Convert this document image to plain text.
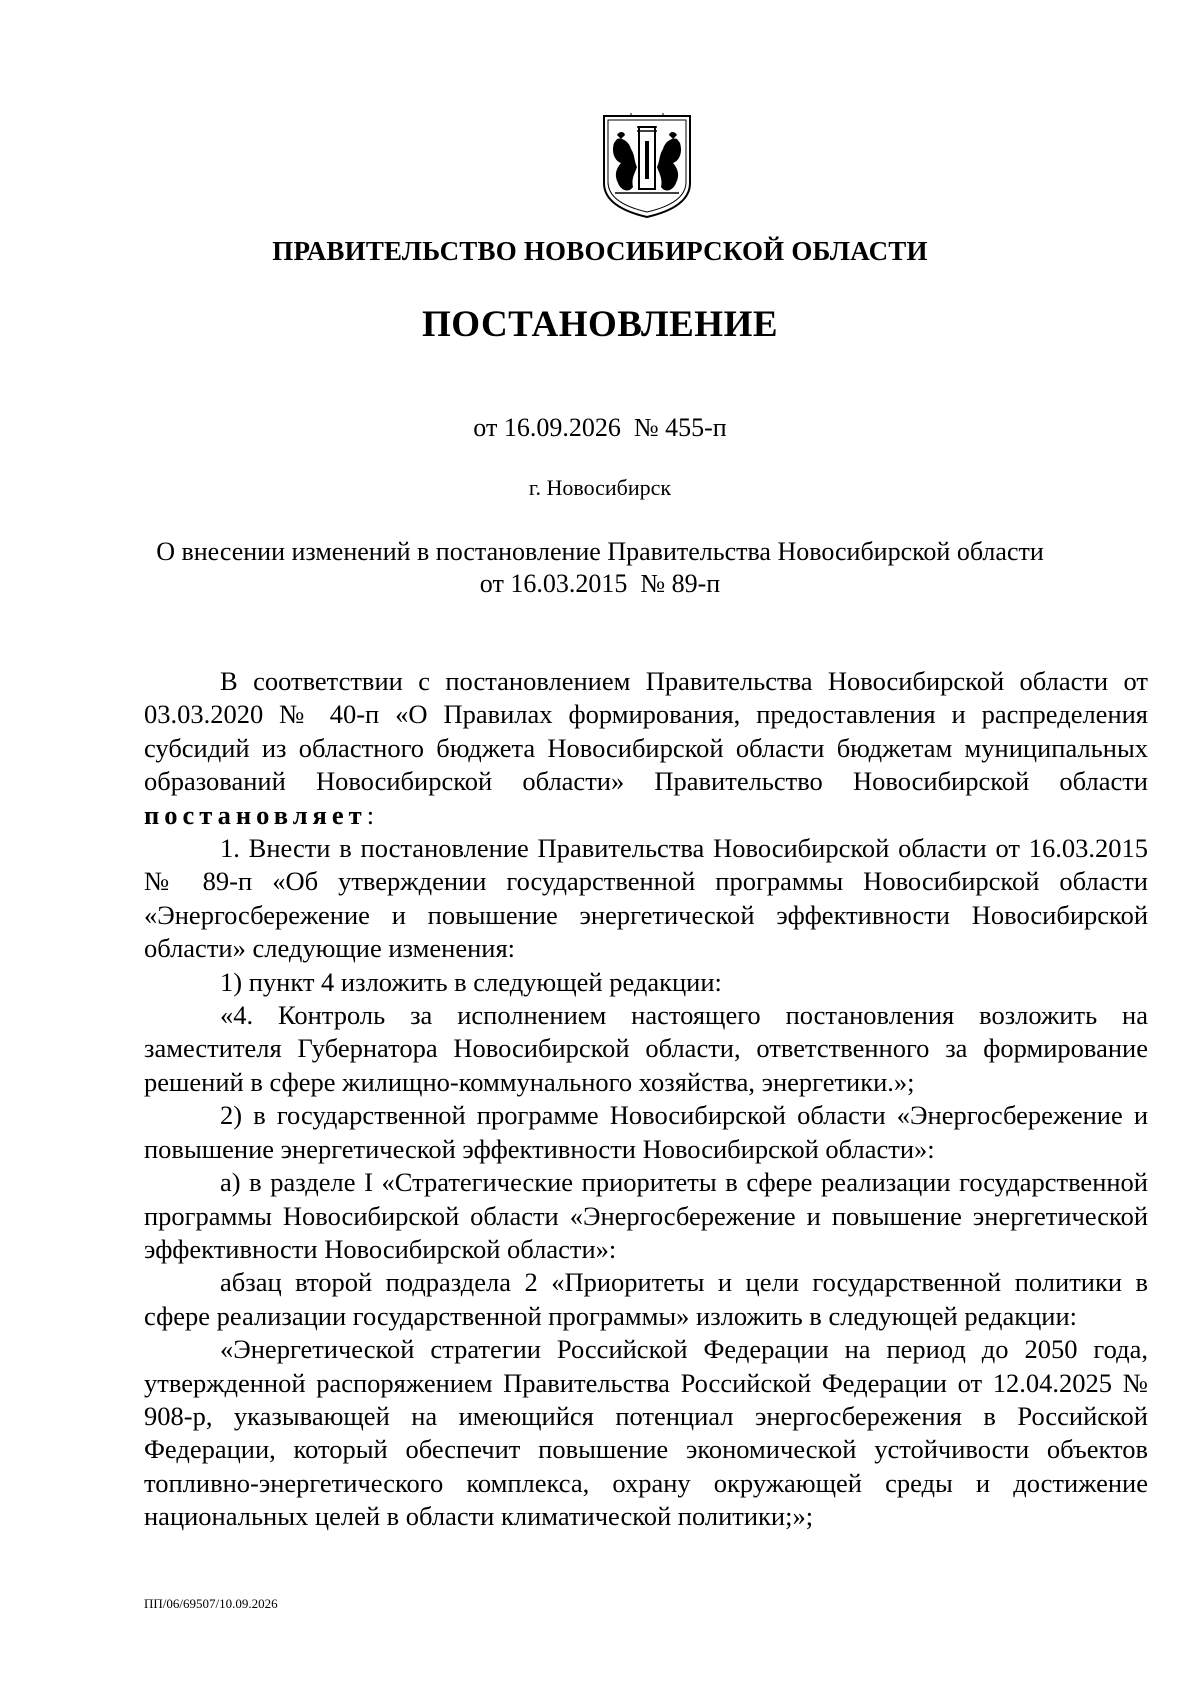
ПРАВИТЕЛЬСТВО НОВОСИБИРСКОЙ ОБЛАСТИ
ПОСТАНОВЛЕНИЕ
от 16.09.2026  № 455-п
г. Новосибирск
О внесении изменений в постановление Правительства Новосибирской области
от 16.03.2015  № 89-п

В соответствии с постановлением Правительства Новосибирской области от 03.03.2020 № 40-п «О Правилах формирования, предоставления и распределения субсидий из областного бюджета Новосибирской области бюджетам муниципальных образований Новосибирской области» Правительство Новосибирской области постановляет:

1. Внести в постановление Правительства Новосибирской области от 16.03.2015 № 89-п «Об утверждении государственной программы Новосибирской области «Энергосбережение и повышение энергетической эффективности Новосибирской области» следующие изменения:

1) пункт 4 изложить в следующей редакции:

«4. Контроль за исполнением настоящего постановления возложить на заместителя Губернатора Новосибирской области, ответственного за формирование решений в сфере жилищно-коммунального хозяйства, энергетики.»;

2) в государственной программе Новосибирской области «Энергосбережение и повышение энергетической эффективности Новосибирской области»:

а) в разделе I «Стратегические приоритеты в сфере реализации государственной программы Новосибирской области «Энергосбережение и повышение энергетической эффективности Новосибирской области»:

абзац второй подраздела 2 «Приоритеты и цели государственной политики в сфере реализации государственной программы» изложить в следующей редакции:

«Энергетической стратегии Российской Федерации на период до 2050 года, утвержденной распоряжением Правительства Российской Федерации от 12.04.2025 № 908-р, указывающей на имеющийся потенциал энергосбережения в Российской Федерации, который обеспечит повышение экономической устойчивости объектов топливно-энергетического комплекса, охрану окружающей среды и достижение национальных целей в области климатической политики;»;

ПП/06/69507/10.09.2026
